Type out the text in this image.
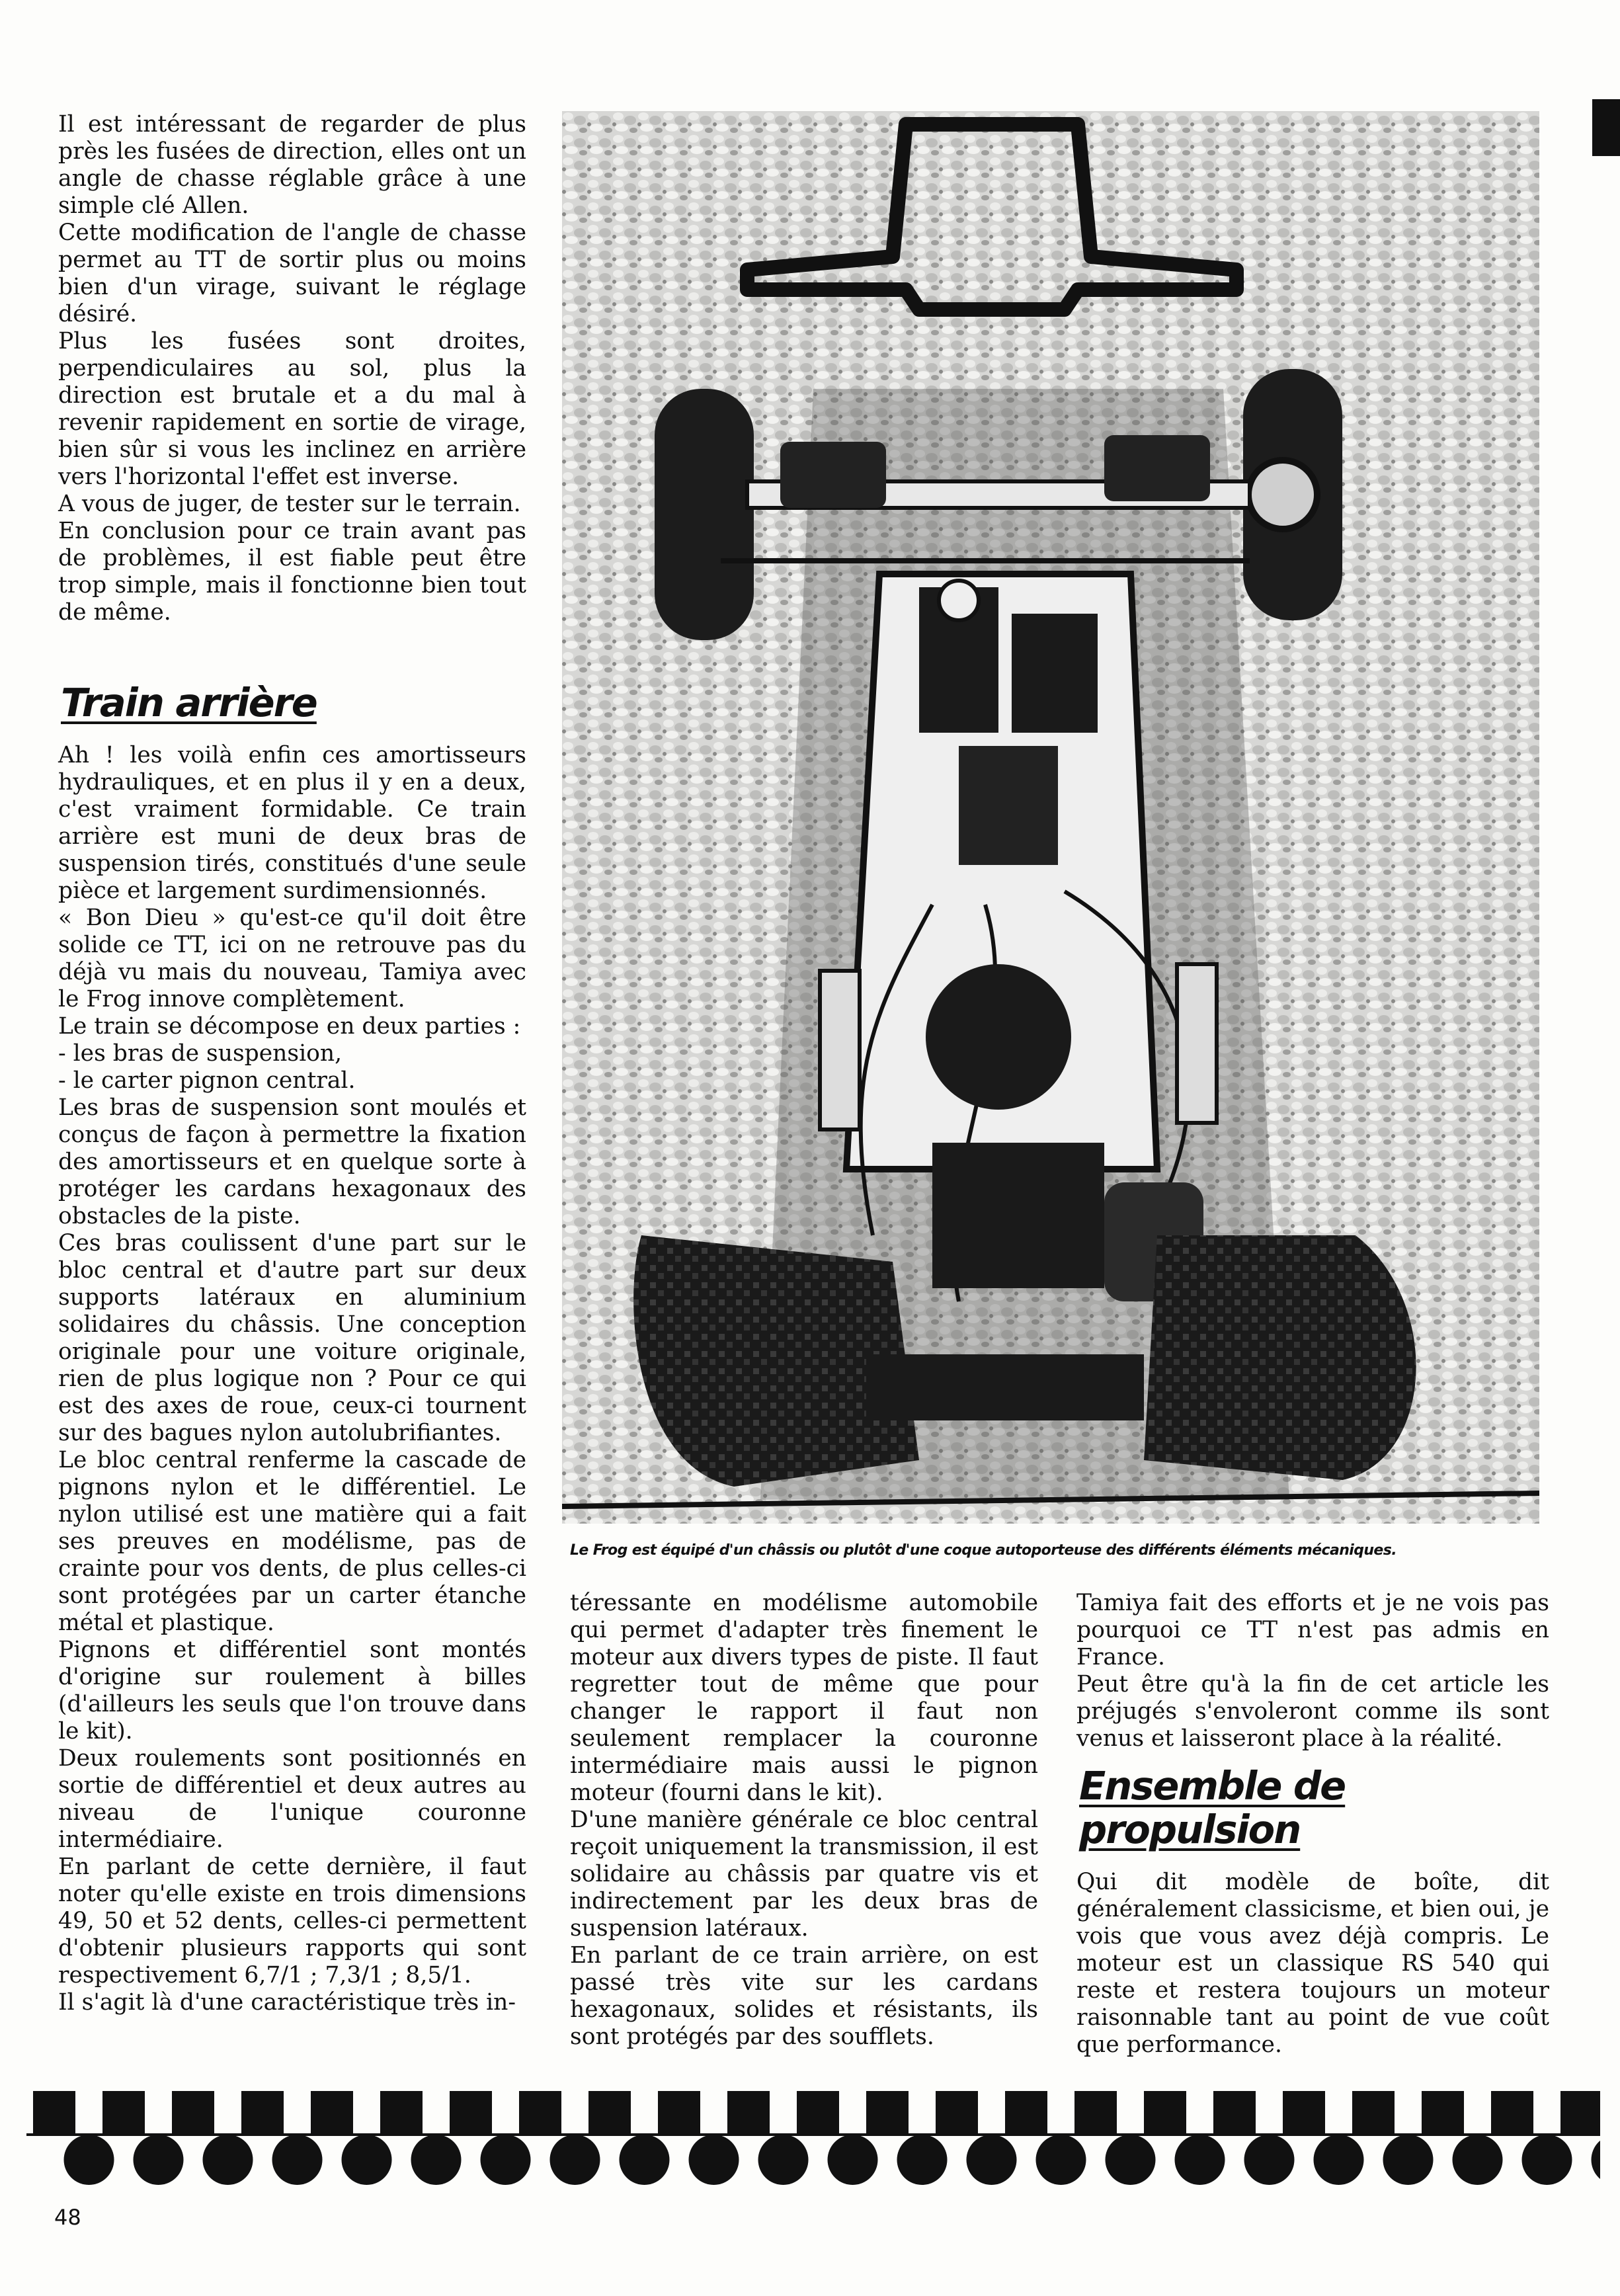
Il est intéressant de regarder de plus près les fusées de direction, elles ont un angle de chasse réglable grâce à une simple clé Allen.

Cette modification de l'angle de chasse permet au TT de sortir plus ou moins bien d'un virage, suivant le réglage désiré.

Plus les fusées sont droites, perpendiculaires au sol, plus la direction est brutale et a du mal à revenir rapidement en sortie de virage, bien sûr si vous les inclinez en arrière vers l'horizontal l'effet est inverse.

A vous de juger, de tester sur le terrain.

En conclusion pour ce train avant pas de problèmes, il est fiable peut être trop simple, mais il fonctionne bien tout de même.

Train arrière

Ah ! les voilà enfin ces amortisseurs hydrauliques, et en plus il y en a deux, c'est vraiment formidable. Ce train arrière est muni de deux bras de suspension tirés, constitués d'une seule pièce et largement surdimensionnés.

« Bon Dieu » qu'est-ce qu'il doit être solide ce TT, ici on ne retrouve pas du déjà vu mais du nouveau, Tamiya avec le Frog innove complètement.

Le train se décompose en deux parties :

- les bras de suspension,

- le carter pignon central.

Les bras de suspension sont moulés et conçus de façon à permettre la fixation des amortisseurs et en quelque sorte à protéger les cardans hexagonaux des obstacles de la piste.

Ces bras coulissent d'une part sur le bloc central et d'autre part sur deux supports latéraux en aluminium solidaires du châssis. Une conception originale pour une voiture originale, rien de plus logique non ? Pour ce qui est des axes de roue, ceux-ci tournent sur des bagues nylon autolubrifiantes.

Le bloc central renferme la cascade de pignons nylon et le différentiel. Le nylon utilisé est une matière qui a fait ses preuves en modélisme, pas de crainte pour vos dents, de plus celles-ci sont protégées par un carter étanche métal et plastique.

Pignons et différentiel sont montés d'origine sur roulement à billes (d'ailleurs les seuls que l'on trouve dans le kit).

Deux roulements sont positionnés en sortie de différentiel et deux autres au niveau de l'unique couronne intermédiaire.

En parlant de cette dernière, il faut noter qu'elle existe en trois dimensions 49, 50 et 52 dents, celles-ci permettent d'obtenir plusieurs rapports qui sont respectivement 6,7/1 ; 7,3/1 ; 8,5/1.

Il s'agit là d'une caractéristique très in-

Le Frog est équipé d'un châssis ou plutôt d'une coque autoporteuse des différents éléments mécaniques.

téressante en modélisme automobile qui permet d'adapter très finement le moteur aux divers types de piste. Il faut regretter tout de même que pour changer le rapport il faut non seulement remplacer la couronne intermédiaire mais aussi le pignon moteur (fourni dans le kit).

D'une manière générale ce bloc central reçoit uniquement la transmission, il est solidaire au châssis par quatre vis et indirectement par les deux bras de suspension latéraux.

En parlant de ce train arrière, on est passé très vite sur les cardans hexagonaux, solides et résistants, ils sont protégés par des soufflets.

Tamiya fait des efforts et je ne vois pas pourquoi ce TT n'est pas admis en France.

Peut être qu'à la fin de cet article les préjugés s'envoleront comme ils sont venus et laisseront place à la réalité.

Ensemble de propulsion

Qui dit modèle de boîte, dit généralement classicisme, et bien oui, je vois que vous avez déjà compris. Le moteur est un classique RS 540 qui reste et restera toujours un moteur raisonnable tant au point de vue coût que performance.

48
